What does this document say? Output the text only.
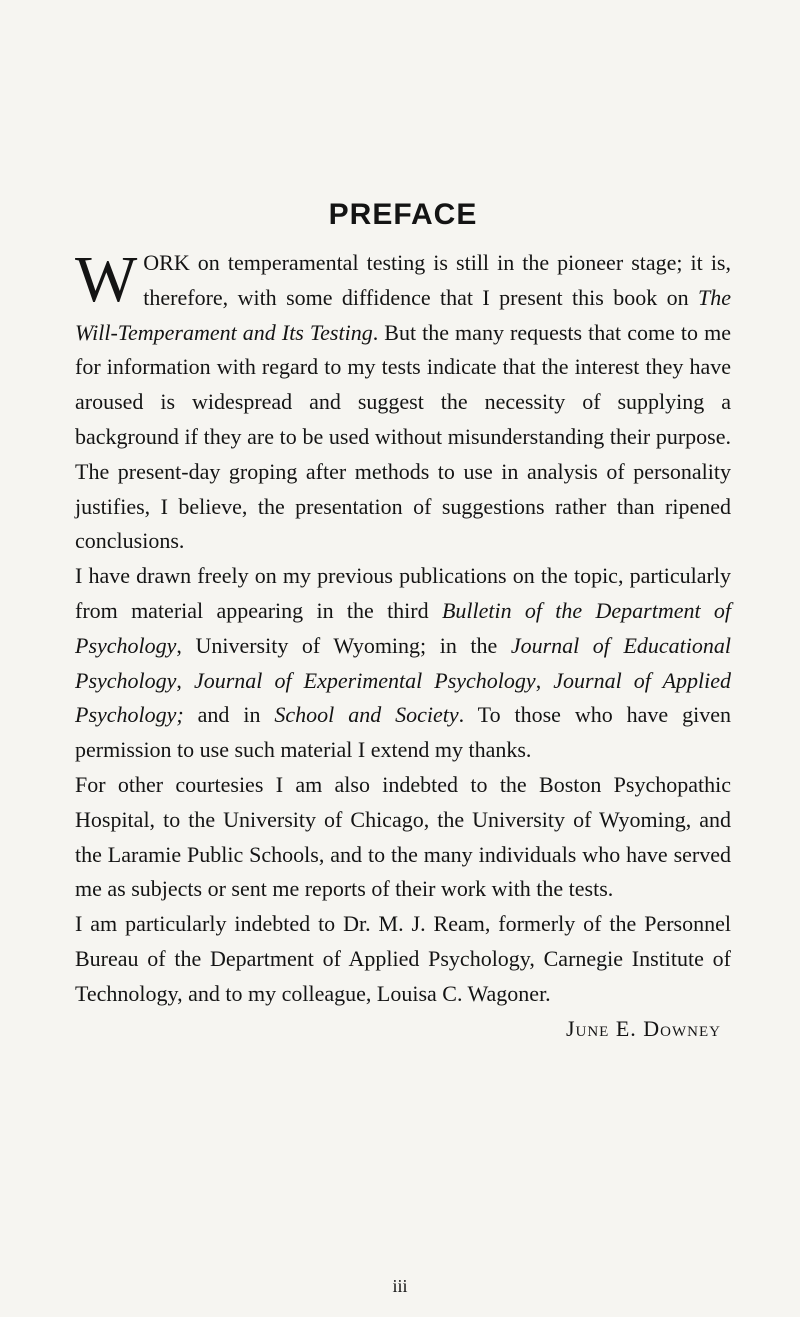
PREFACE

WORK on temperamental testing is still in the pioneer stage; it is, therefore, with some diffidence that I present this book on The Will-Temperament and Its Testing. But the many requests that come to me for information with regard to my tests indicate that the interest they have aroused is widespread and suggest the necessity of supplying a background if they are to be used without misunderstanding their purpose. The present-day groping after methods to use in analysis of personality justifies, I believe, the presentation of suggestions rather than ripened conclusions.

I have drawn freely on my previous publications on the topic, particularly from material appearing in the third Bulletin of the Department of Psychology, University of Wyoming; in the Journal of Educational Psychology, Journal of Experimental Psychology, Journal of Applied Psychology; and in School and Society. To those who have given permission to use such material I extend my thanks.

For other courtesies I am also indebted to the Boston Psychopathic Hospital, to the University of Chicago, the University of Wyoming, and the Laramie Public Schools, and to the many individuals who have served me as subjects or sent me reports of their work with the tests.

I am particularly indebted to Dr. M. J. Ream, formerly of the Personnel Bureau of the Department of Applied Psychology, Carnegie Institute of Technology, and to my colleague, Louisa C. Wagoner.

June E. Downey

iii
